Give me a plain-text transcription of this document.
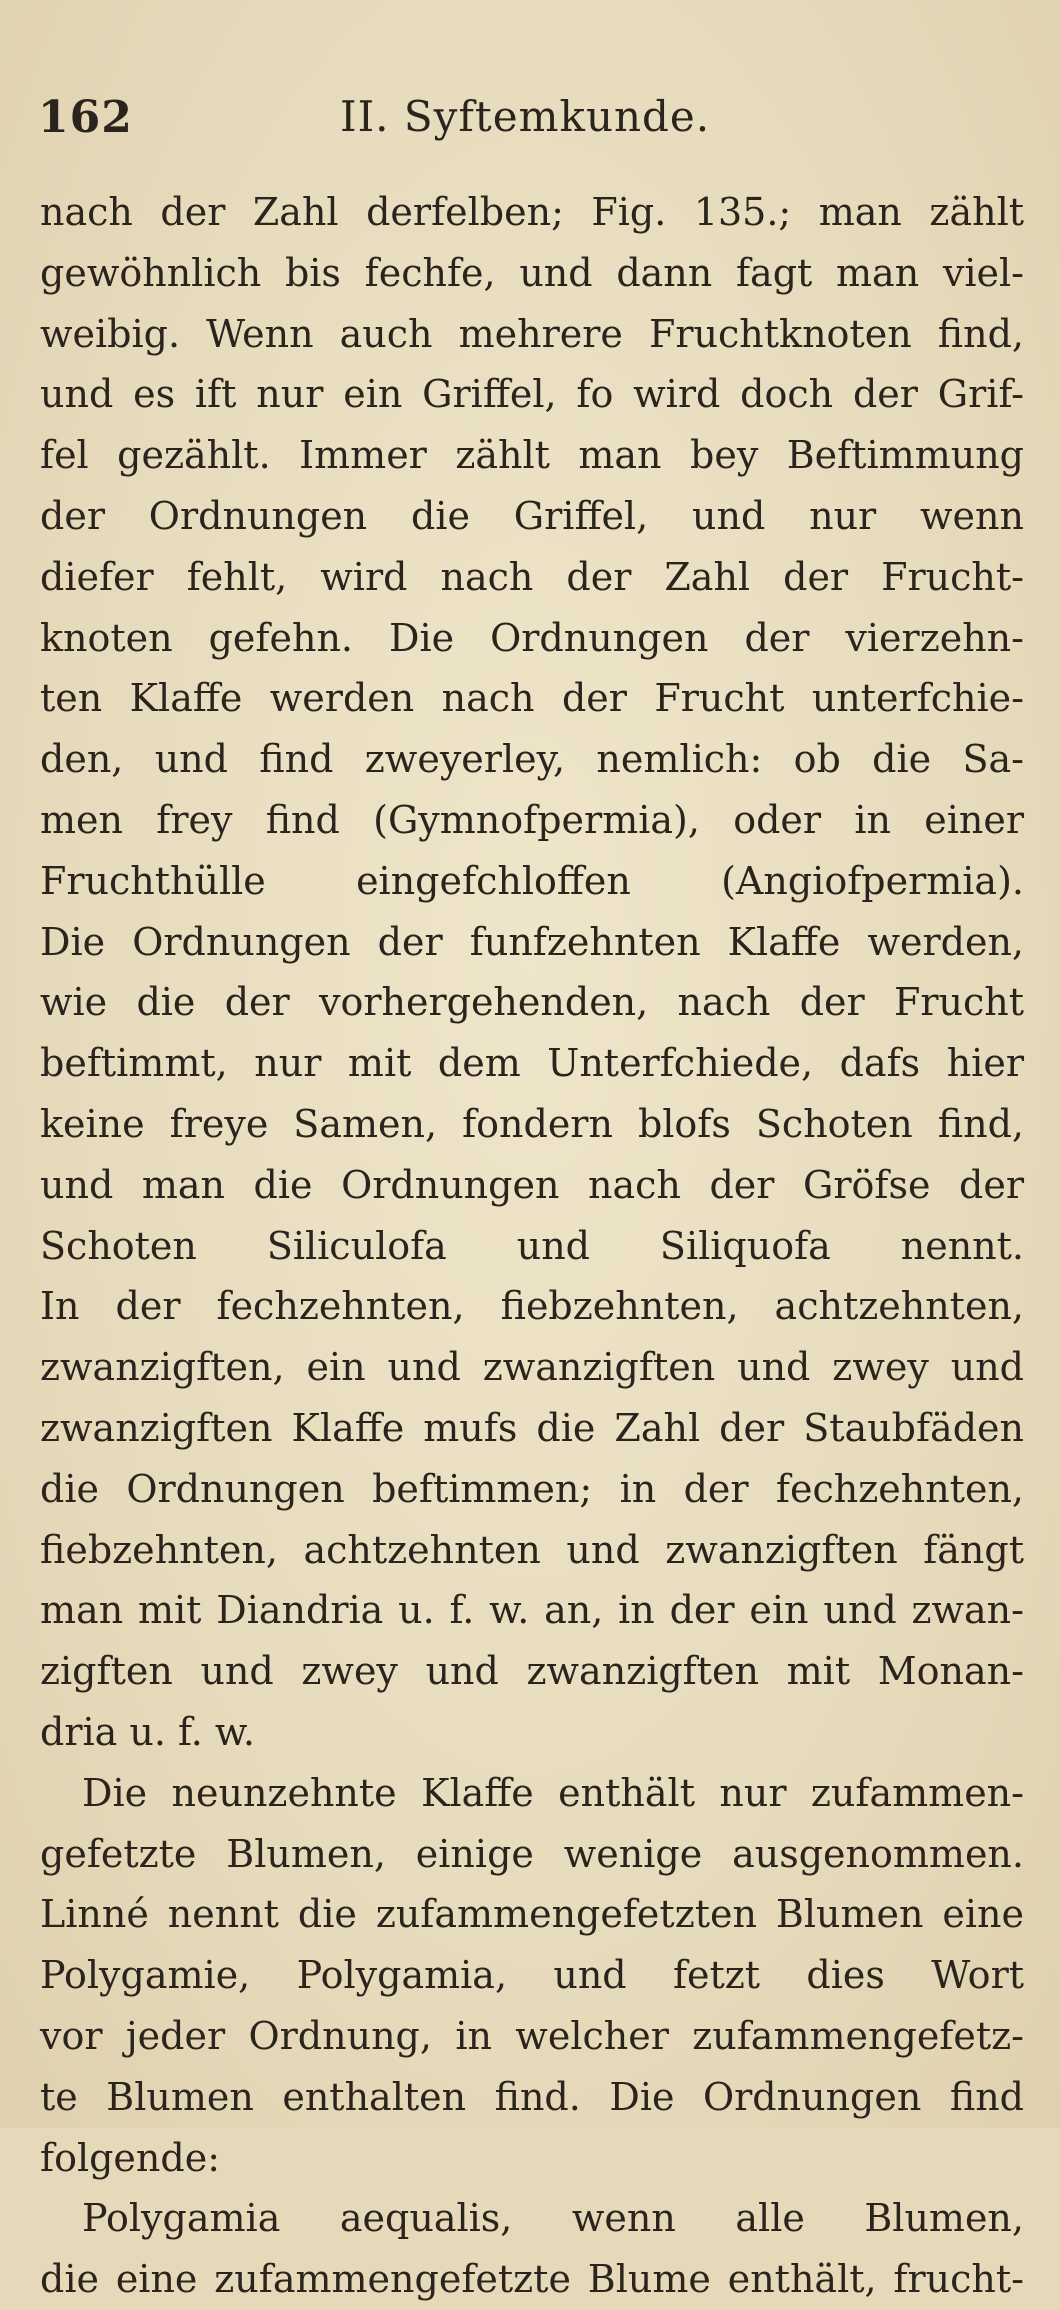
162	II. Syftemkunde.
nach der Zahl derfelben; Fig. 135.; man zählt
gewöhnlich bis fechfe, und dann fagt man viel-
weibig. Wenn auch mehrere Fruchtknoten find,
und es ift nur ein Griffel, fo wird doch der Grif-
fel gezählt. Immer zählt man bey Beftimmung
der Ordnungen die Griffel, und nur wenn
diefer fehlt, wird nach der Zahl der Frucht-
knoten gefehn. Die Ordnungen der vierzehn-
ten Klaffe werden nach der Frucht unterfchie-
den, und find zweyerley, nemlich: ob die Sa-
men frey find (Gymnofpermia), oder in einer
Fruchthülle eingefchloffen (Angiofpermia).
Die Ordnungen der funfzehnten Klaffe werden,
wie die der vorhergehenden, nach der Frucht
beftimmt, nur mit dem Unterfchiede, dafs hier
keine freye Samen, fondern blofs Schoten find,
und man die Ordnungen nach der Gröfse der
Schoten Siliculofa und Siliquofa nennt.
In der fechzehnten, fiebzehnten, achtzehnten,
zwanzigften, ein und zwanzigften und zwey und
zwanzigften Klaffe mufs die Zahl der Staubfäden
die Ordnungen beftimmen; in der fechzehnten,
fiebzehnten, achtzehnten und zwanzigften fängt
man mit Diandria u. f. w. an, in der ein und zwan-
zigften und zwey und zwanzigften mit Monan-
dria u. f. w.
Die neunzehnte Klaffe enthält nur zufammen-
gefetzte Blumen, einige wenige ausgenommen.
Linné nennt die zufammengefetzten Blumen eine
Polygamie, Polygamia, und fetzt dies Wort
vor jeder Ordnung, in welcher zufammengefetz-
te Blumen enthalten find. Die Ordnungen find
folgende:
Polygamia aequalis, wenn alle Blumen,
die eine zufammengefetzte Blume enthält, frucht-
